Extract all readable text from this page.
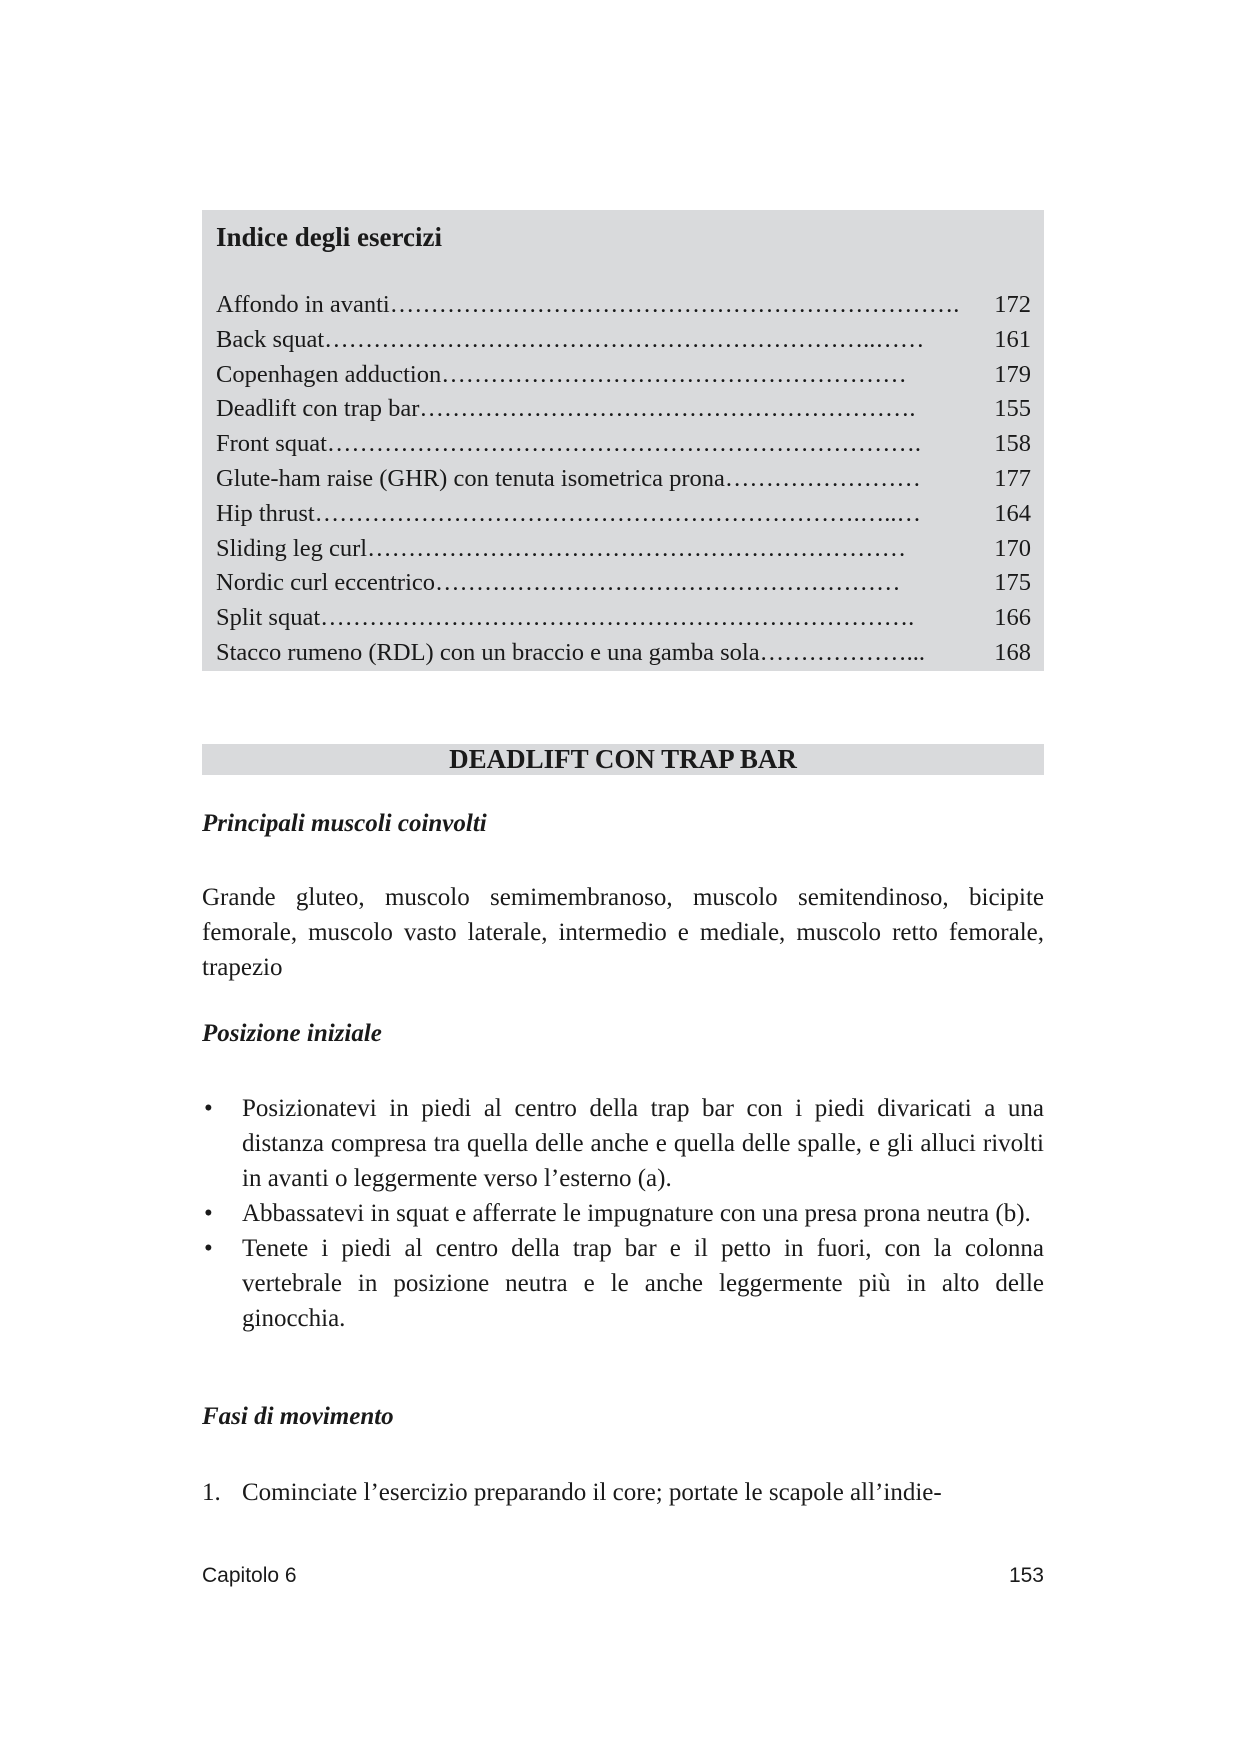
Indice degli esercizi
Affondo in avanti…………………………………………………………….	172
Back squat…………………………………………………………..……	161
Copenhagen adduction…………………………………………………	179
Deadlift con trap bar…………………………………………………….	155
Front squat……………………………………………………………….	158
Glute-ham raise (GHR) con tenuta isometrica prona……………………	177
Hip thrust………………………………………………………….…..…	164
Sliding leg curl…………………………………………………………	170
Nordic curl eccentrico…………………………………………………	175
Split squat……………………………………………………………….	166
Stacco rumeno (RDL) con un braccio e una gamba sola………………...	168
DEADLIFT CON TRAP BAR
Principali muscoli coinvolti

Grande gluteo, muscolo semimembranoso, muscolo semitendinoso, bicipite femorale, muscolo vasto laterale, intermedio e mediale, muscolo retto femorale, trapezio

Posizione iniziale
• Posizionatevi in piedi al centro della trap bar con i piedi divaricati a una distanza compresa tra quella delle anche e quella delle spalle, e gli alluci rivolti in avanti o leggermente verso l’esterno (a).
• Abbassatevi in squat e afferrate le impugnature con una presa prona neutra (b).
• Tenete i piedi al centro della trap bar e il petto in fuori, con la colonna vertebrale in posizione neutra e le anche leggermente più in alto delle ginocchia.
Fasi di movimento
1. Cominciate l’esercizio preparando il core; portate le scapole all’indie-

Capitolo 6	153
